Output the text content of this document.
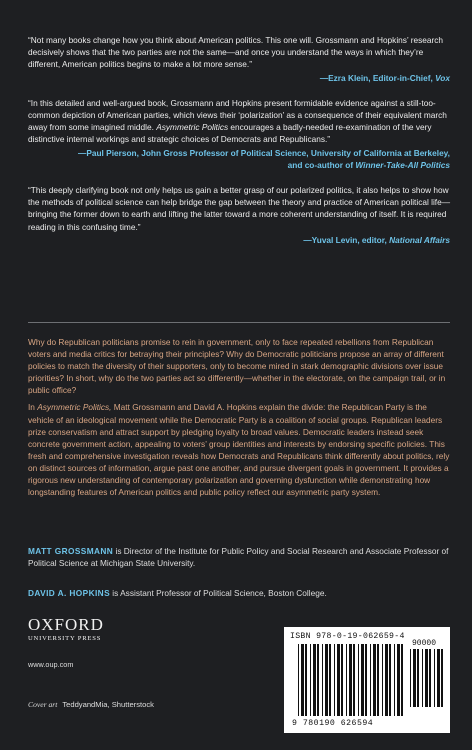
“Not many books change how you think about American politics. This one will. Grossmann and Hopkins’ research decisively shows that the two parties are not the same—and once you understand the ways in which they’re different, American politics begins to make a lot more sense.”

—Ezra Klein, Editor-in-Chief, Vox

“In this detailed and well-argued book, Grossmann and Hopkins present formidable evidence against a still-too-common depiction of American parties, which views their ‘polarization’ as a consequence of their equivalent march away from some imagined middle. Asymmetric Politics encourages a badly-needed re-examination of the very distinctive internal workings and strategic choices of Democrats and Republicans.”

—Paul Pierson, John Gross Professor of Political Science, University of California at Berkeley,
and co-author of Winner-Take-All Politics

“This deeply clarifying book not only helps us gain a better grasp of our polarized politics, it also helps to show how the methods of political science can help bridge the gap between the theory and practice of American political life—bringing the former down to earth and lifting the latter toward a more coherent understanding of itself. It is required reading in this confusing time.”

—Yuval Levin, editor, National Affairs

Why do Republican politicians promise to rein in government, only to face repeated rebellions from Republican voters and media critics for betraying their principles? Why do Democratic politicians propose an array of different policies to match the diversity of their supporters, only to become mired in stark demographic divisions over issue priorities? In short, why do the two parties act so differently—whether in the electorate, on the campaign trail, or in public office?

In Asymmetric Politics, Matt Grossmann and David A. Hopkins explain the divide: the Republican Party is the vehicle of an ideological movement while the Democratic Party is a coalition of social groups. Republican leaders prize conservatism and attract support by pledging loyalty to broad values. Democratic leaders instead seek concrete government action, appealing to voters’ group identities and interests by endorsing specific policies. This fresh and comprehensive investigation reveals how Democrats and Republicans think differently about politics, rely on distinct sources of information, argue past one another, and pursue divergent goals in government. It provides a rigorous new understanding of contemporary polarization and governing dysfunction while demonstrating how longstanding features of American politics and public policy reflect our asymmetric party system.

MATT GROSSMANN is Director of the Institute for Public Policy and Social Research and Associate Professor of Political Science at Michigan State University.

DAVID A. HOPKINS is Assistant Professor of Political Science, Boston College.

OXFORD
UNIVERSITY PRESS
www.oup.com
Cover art TeddyandMia, Shutterstock
ISBN 978-0-19-062659-4
90000
9 780190 626594
